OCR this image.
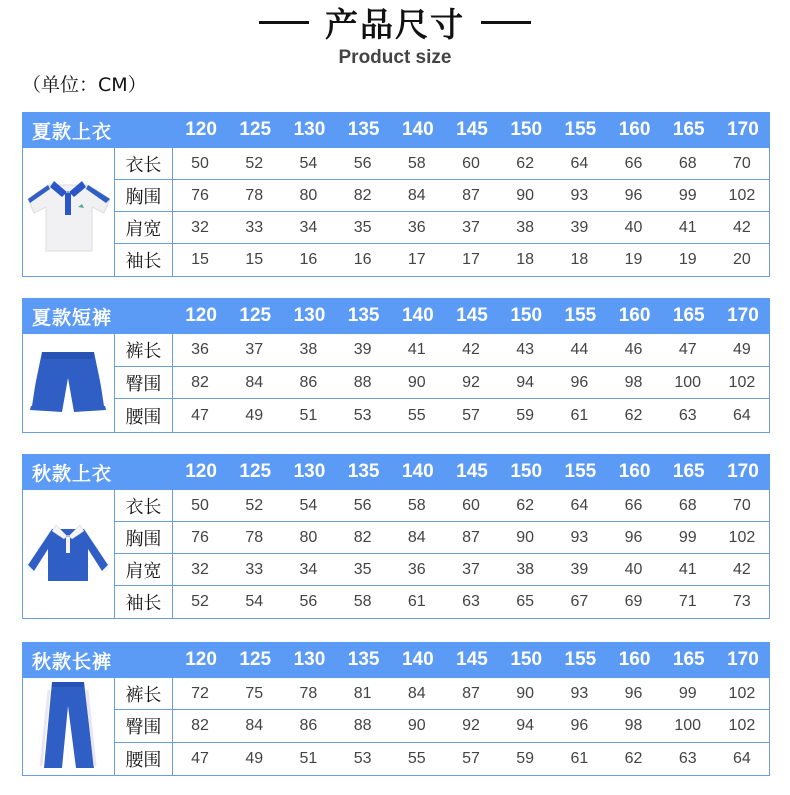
产品尺寸
Product size
（单位：CM）
夏款上衣	120	125	130	135	140	145	150	155	160	165	170
衣长	50	52	54	56	58	60	62	64	66	68	70
胸围	76	78	80	82	84	87	90	93	96	99	102
肩宽	32	33	34	35	36	37	38	39	40	41	42
袖长	15	15	16	16	17	17	18	18	19	19	20
夏款短裤	120	125	130	135	140	145	150	155	160	165	170
裤长	36	37	38	39	41	42	43	44	46	47	49
臀围	82	84	86	88	90	92	94	96	98	100	102
腰围	47	49	51	53	55	57	59	61	62	63	64
秋款上衣	120	125	130	135	140	145	150	155	160	165	170
衣长	50	52	54	56	58	60	62	64	66	68	70
胸围	76	78	80	82	84	87	90	93	96	99	102
肩宽	32	33	34	35	36	37	38	39	40	41	42
袖长	52	54	56	58	61	63	65	67	69	71	73
秋款长裤	120	125	130	135	140	145	150	155	160	165	170
裤长	72	75	78	81	84	87	90	93	96	99	102
臀围	82	84	86	88	90	92	94	96	98	100	102
腰围	47	49	51	53	55	57	59	61	62	63	64
